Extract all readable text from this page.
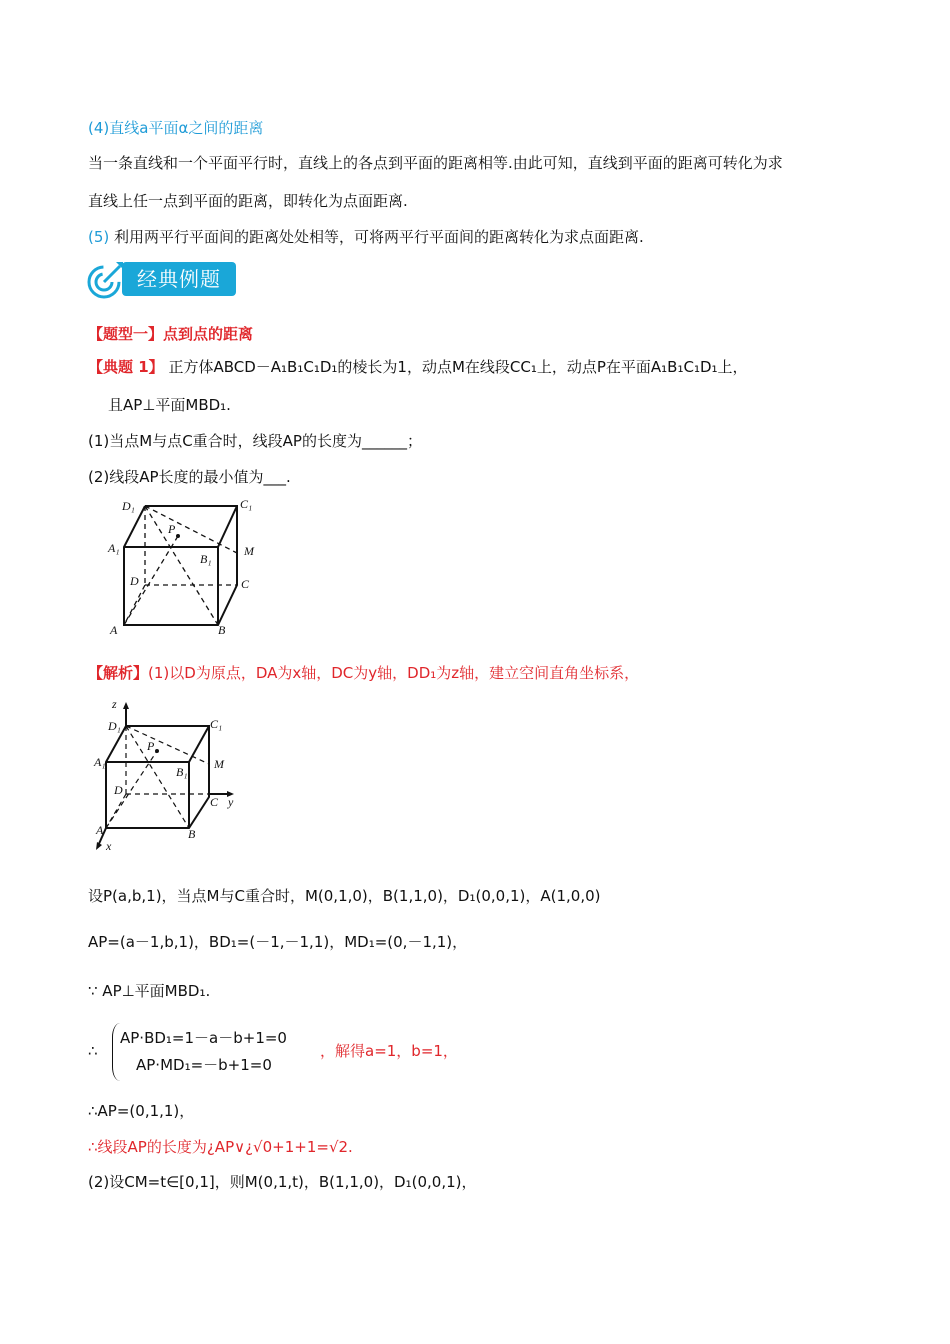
(4)直线a平面α之间的距离
当一条直线和一个平面平行时，直线上的各点到平面的距离相等.由此可知，直线到平面的距离可转化为求
直线上任一点到平面的距离，即转化为点面距离.
(5) 利用两平行平面间的距离处处相等，可将两平行平面间的距离转化为求点面距离.
经典例题
【题型一】点到点的距离
【典题 1】 正方体ABCD－A₁B₁C₁D₁的棱长为1，动点M在线段CC₁上，动点P在平面A₁B₁C₁D₁上，
且AP⊥平面MBD₁.
(1)当点M与点C重合时，线段AP的长度为______；
(2)线段AP长度的最小值为___.
D₁	C₁
P
A₁
B₁
M
D	C
A	B
【解析】(1)以D为原点，DA为x轴，DC为y轴，DD₁为z轴，建立空间直角坐标系，
z
D₁	C₁
P
A₁
B₁
M
D
C y
A	B
x
设P(a,b,1)，当点M与C重合时，M(0,1,0)，B(1,1,0)，D₁(0,0,1)，A(1,0,0)
AP=(a－1,b,1)，BD₁=(－1,－1,1)，MD₁=(0,－1,1)，
∵ AP⊥平面MBD₁.
∴
AP·BD₁=1－a－b+1=0
AP·MD₁=－b+1=0
，解得a=1，b=1，
∴AP=(0,1,1)，
∴线段AP的长度为¿AP∨¿√0+1+1=√2.
(2)设CM=t∈[0,1]，则M(0,1,t)，B(1,1,0)，D₁(0,0,1)，
